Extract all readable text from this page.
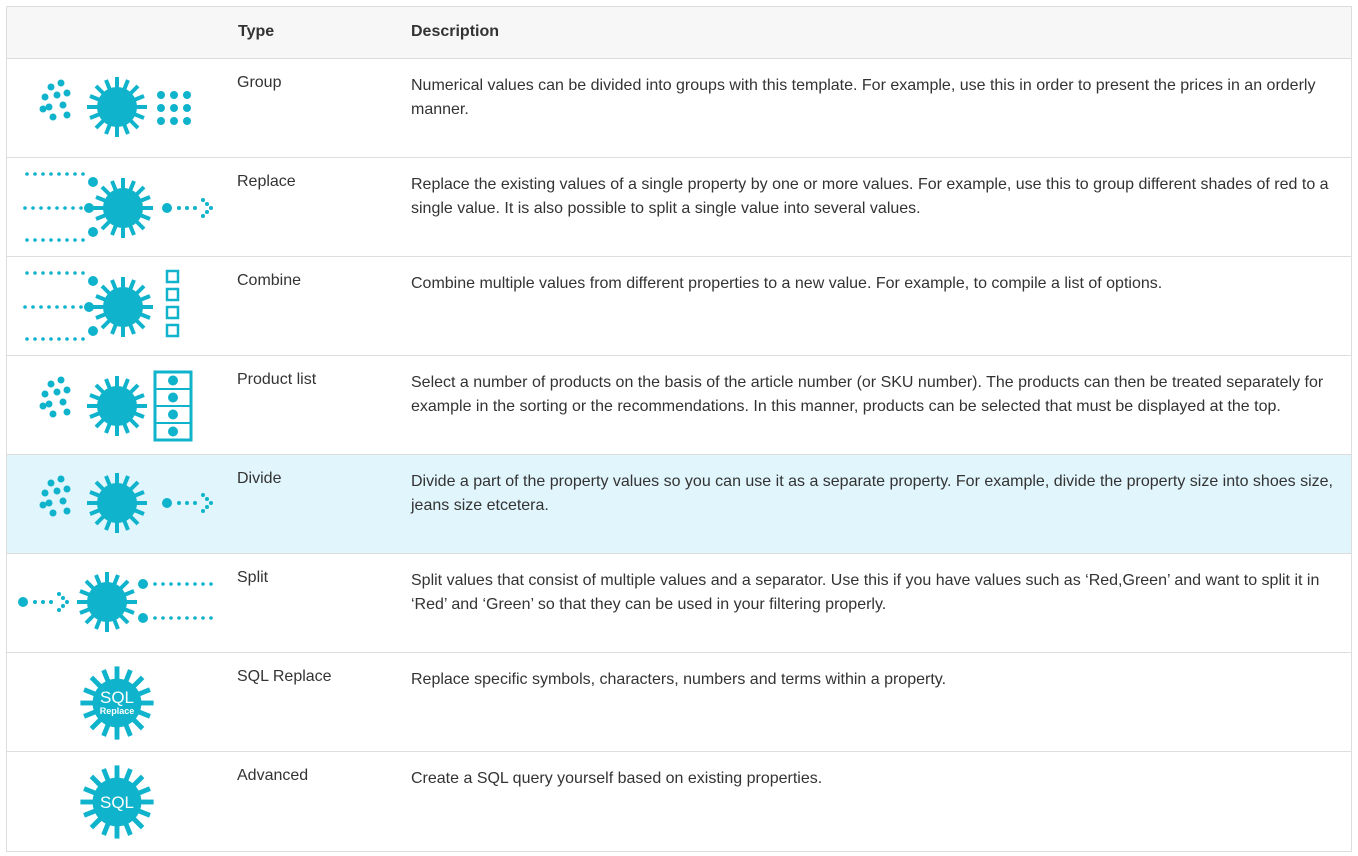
Type	Description
Group	Numerical values can be divided into groups with this template. For example, use this in order to present the prices in an orderly manner.
Replace	Replace the existing values of a single property by one or more values. For example, use this to group different shades of red to a single value. It is also possible to split a single value into several values.
Combine	Combine multiple values from different properties to a new value. For example, to compile a list of options.
Product list	Select a number of products on the basis of the article number (or SKU number). The products can then be treated separately for example in the sorting or the recommendations. In this manner, products can be selected that must be displayed at the top.
Divide	Divide a part of the property values so you can use it as a separate property. For example, divide the property size into shoes size, jeans size etcetera.
Split	Split values that consist of multiple values and a separator. Use this if you have values such as ‘Red,Green’ and want to split it in ‘Red’ and ‘Green’ so that they can be used in your filtering properly.
SQL
Replace
SQL Replace	Replace specific symbols, characters, numbers and terms within a property.
SQL
Advanced	Create a SQL query yourself based on existing properties.
